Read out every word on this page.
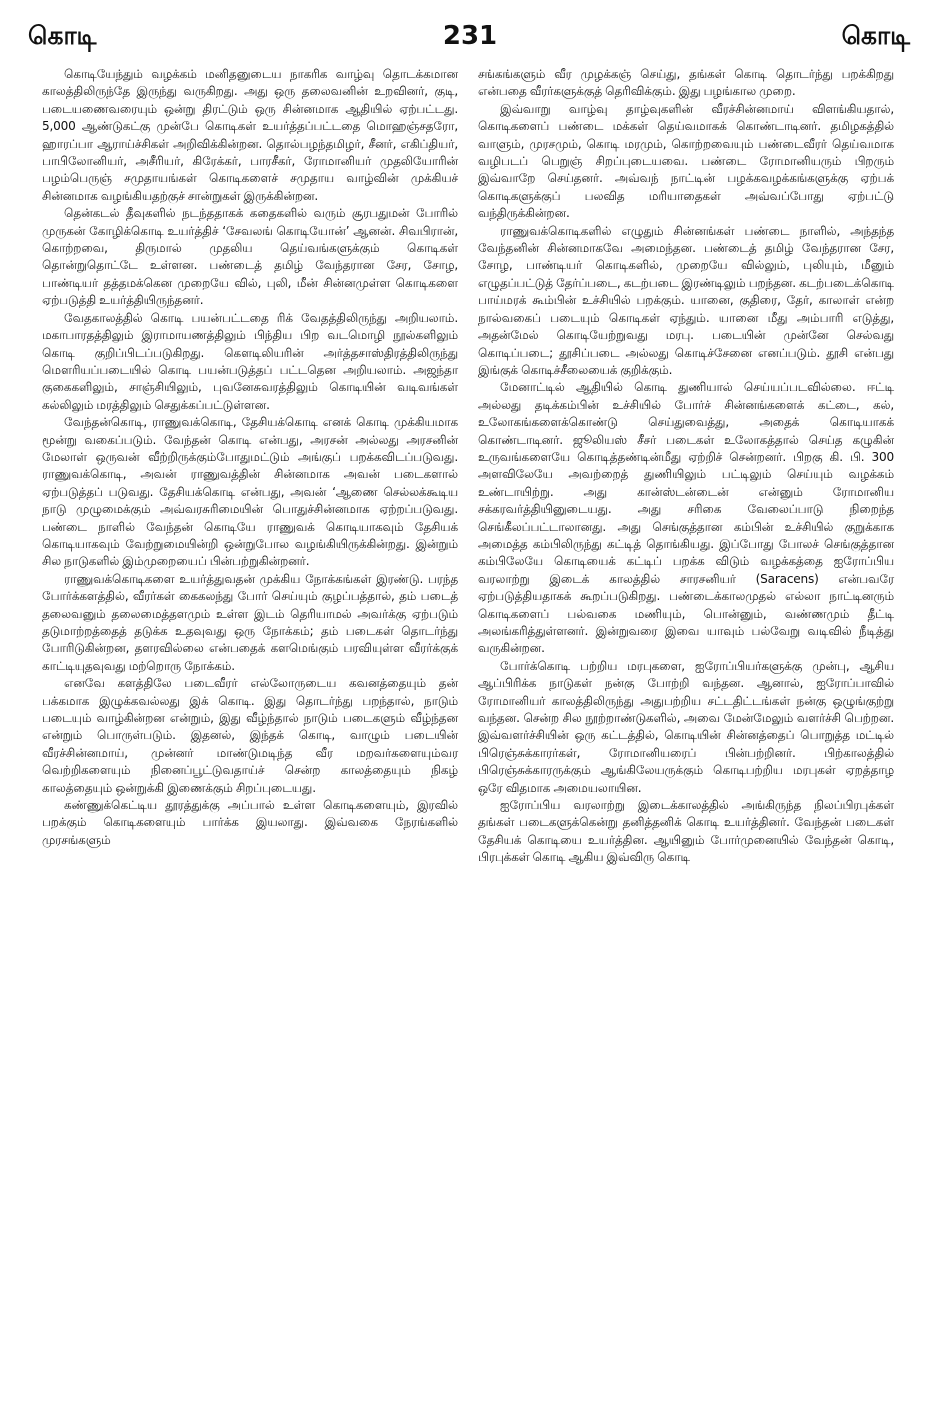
231
கொடி	கொடி

கொடியேந்தும் வழக்கம் மனிதனுடைய நாகரிக வாழ்வு தொடக்கமான காலத்திலிருந்தே இருந்து வருகிறது. அது ஒரு தலைவனின் உறவினர், குடி, படையணைவரையும் ஒன்று திரட்டும் ஒரு சின்னமாக ஆதியில் ஏற்பட்டது. 5,000 ஆண்டுகட்கு முன்பே கொடிகள் உயர்த்தப்பட்டதை மொஹஞ்சதரோ, ஹாரப்பா ஆராய்ச்சிகள் அறிவிக்கின்றன. தொல்பழந்தமிழர், சீனர், எகிப்தியர், பாபிலோனியர், அசீரியர், கிரேக்கர், பாரசீகர், ரோமானியர் முதலியோரின் பழம்பெருஞ் சமுதாயங்கள் கொடிகளைச் சமுதாய வாழ்வின் முக்கியச் சின்னமாக வழங்கியதற்குச் சான்றுகள் இருக்கின்றன.

தென்கடல் தீவுகளில் நடந்ததாகக் கதைகளில் வரும் சூரபதுமன் போரில் முருகன் கோழிக்கொடி உயர்த்திச் ‘சேவலங் கொடியோன்’ ஆனன். சிவபிரான், கொற்றவை, திருமால் முதலிய தெய்வங்களுக்கும் கொடிகள் தொன்றுதொட்டே உள்ளன. பண்டைத் தமிழ் வேந்தரான சேர, சோழ, பாண்டியர் தத்தமக்கென முறையே வில், புலி, மீன் சின்னமுள்ள கொடிகளை ஏற்படுத்தி உயர்த்தியிருந்தனர்.

வேதகாலத்தில் கொடி பயன்பட்டதை ரிக் வேதத்திலிருந்து அறியலாம். மகாபாரதத்திலும் இராமாயணத்திலும் பிந்திய பிற வடமொழி நூல்களிலும் கொடி குறிப்பிடப்படுகிறது. கௌடிலியரின் அர்த்தசாஸ்திரத்திலிருந்து மௌரியப்படையில் கொடி பயன்படுத்தப் பட்டதென அறியலாம். அஜந்தா குகைகளிலும், சாஞ்சியிலும், புவனேசுவரத்திலும் கொடியின் வடிவங்கள் கல்லிலும் மரத்திலும் செதுக்கப்பட்டுள்ளன.

வேந்தன்கொடி, ராணுவக்கொடி, தேசியக்கொடி எனக் கொடி முக்கியமாக மூன்று வகைப்படும். வேந்தன் கொடி என்பது, அரசன் அல்லது அரசனின் மேலாள் ஒருவன் வீற்றிருக்கும்போதுமட்டும் அங்குப் பறக்கவிடப்படுவது. ராணுவக்கொடி, அவன் ராணுவத்தின் சின்னமாக அவன் படைகளால் ஏற்படுத்தப் படுவது. தேசியக்கொடி என்பது, அவன் ‘ஆணை செல்லக்கூடிய நாடு முழுமைக்கும் அவ்வரசுரிமையின் பொதுச்சின்னமாக ஏற்றப்படுவது. பண்டை நாளில் வேந்தன் கொடியே ராணுவக் கொடியாகவும் தேசியக் கொடியாகவும் வேற்றுமையின்றி ஒன்றுபோல வழங்கியிருக்கின்றது. இன்றும் சில நாடுகளில் இம்முறையைப் பின்பற்றுகின்றனர்.

ராணுவக்கொடிகளை உயர்த்துவதன் முக்கிய நோக்கங்கள் இரண்டு. பரந்த போர்க்களத்தில், வீரர்கள் கைகலந்து போர் செய்யும் குழப்பத்தால், தம் படைத் தலைவனும் தலைமைத்தளமும் உள்ள இடம் தெரியாமல் அவர்க்கு ஏற்படும் தடுமாற்றத்தைத் தடுக்க உதவுவது ஒரு நோக்கம்; தம் படைகள் தொடர்ந்து போரிடுகின்றன, தளரவில்லை என்பதைக் களமெங்கும் பரவியுள்ள வீரர்க்குக் காட்டியுதவுவது மற்றொரு நோக்கம்.

எனவே களத்திலே படைவீரர் எல்லோருடைய கவனத்தையும் தன் பக்கமாக இழுக்கவல்லது இக் கொடி. இது தொடர்ந்து பறந்தால், நாடும் படையும் வாழ்கின்றன என்றும், இது வீழ்ந்தால் நாடும் படைகளும் வீழ்ந்தன என்றும் பொருள்படும். இதனல், இந்தக் கொடி, வாழும் படையின் வீரச்சின்னமாய், முன்னர் மாண்டுமடிந்த வீர மறவர்களையும்வர வெற்றிகளையும் நினைப்பூட்டுவதாய்ச் சென்ற காலத்தையும் நிகழ் காலத்தையும் ஒன்றுக்கி இணைக்கும் சிறப்புடையது.

கண்ணுக்கெட்டிய தூரத்துக்கு அப்பால் உள்ள கொடிகளையும், இரவில் பறக்கும் கொடிகளையும் பார்க்க இயலாது. இவ்வகை நேரங்களில் முரசங்களும்

சங்கங்களும் வீர முழக்கஞ் செய்து, தங்கள் கொடி தொடர்ந்து பறக்கிறது என்பதை வீரர்களுக்குத் தெரிவிக்கும். இது பழங்கால முறை.

இவ்வாறு வாழ்வு தாழ்வுகளின் வீரச்சின்னமாய் விளங்கியதால், கொடிகளைப் பண்டை மக்கள் தெய்வமாகக் கொண்டாடினர். தமிழகத்தில் வாளும், முரசமும், கொடி மரமும், கொற்றவையும் பண்டைவீரர் தெய்வமாக வழிபடப் பெறுஞ் சிறப்புடையவை. பண்டை ரோமானியரும் பிறரும் இவ்வாறே செய்தனர். அவ்வந் நாட்டின் பழக்கவழக்கங்களுக்கு ஏற்பக் கொடிகளுக்குப் பலவித மரியாதைகள் அவ்வப்போது ஏற்பட்டு வந்திருக்கின்றன.

ராணுவக்கொடிகளில் எழுதும் சின்னங்கள் பண்டை நாளில், அந்தந்த வேந்தனின் சின்னமாகவே அமைந்தன. பண்டைத் தமிழ் வேந்தரான சேர, சோழ, பாண்டியர் கொடிகளில், முறையே வில்லும், புலியும், மீனும் எழுதப்பட்டுத் தேர்ப்படை, கடற்படை இரண்டிலும் பறந்தன. கடற்படைக்கொடி பாய்மரக் கூம்பின் உச்சியில் பறக்கும். யானை, குதிரை, தேர், காலாள் என்ற நால்வகைப் படையும் கொடிகள் ஏந்தும். யானை மீது அம்பாரி எடுத்து, அதன்மேல் கொடியேற்றுவது மரபு. படையின் முன்னே செல்வது கொடிப்படை; தூசிப்படை அல்லது கொடிச்சேனை எனப்படும். தூசி என்பது இங்குக் கொடிச்சீலையைக் குறிக்கும்.

மேனாட்டில் ஆதியில் கொடி துணியால் செய்யப்படவில்லை. ஈட்டி அல்லது தடிக்கம்பின் உச்சியில் போர்ச் சின்னங்களைக் கட்டை, கல், உலோகங்களைக்கொண்டு செய்துவைத்து, அதைக் கொடியாகக் கொண்டாடினர். ஜூலியஸ் சீசர் படைகள் உலோகத்தால் செய்த கழுகின் உருவங்களையே கொடித்தண்டின்மீது ஏற்றிச் சென்றனர். பிறகு கி. பி. 300 அளவிலேயே அவற்றைத் துணியிலும் பட்டிலும் செய்யும் வழக்கம் உண்டாயிற்று. அது கான்ஸ்டன்டைன் என்னும் ரோமானிய சக்கரவர்த்தியினுடையது. அது சரிகை வேலைப்பாடு நிறைந்த செங்கீலப்பட்டாலானது. அது செங்குத்தான கம்பின் உச்சியில் குறுக்காக அமைத்த கம்பிலிருந்து கட்டித் தொங்கியது. இப்போது போலச் செங்குத்தான கம்பிலேயே கொடியைக் கட்டிப் பறக்க விடும் வழக்கத்தை ஐரோப்பிய வரலாற்று இடைக் காலத்தில் சாரசனியர் (Saracens) என்பவரே ஏற்படுத்தியதாகக் கூறப்படுகிறது. பண்டைக்காலமுதல் எல்லா நாட்டினரும் கொடிகளைப் பல்வகை மணியும், பொன்னும், வண்ணமும் தீட்டி அலங்கரித்துள்ளனர். இன்றுவரை இவை யாவும் பல்வேறு வடிவில் நீடித்து வருகின்றன.

போர்க்கொடி பற்றிய மரபுகளை, ஐரோப்பியர்களுக்கு முன்பு, ஆசிய ஆப்பிரிக்க நாடுகள் நன்கு போற்றி வந்தன. ஆனால், ஐரோப்பாவில் ரோமானியர் காலத்திலிருந்து அதுபற்றிய சட்டதிட்டங்கள் நன்கு ஒழுங்குற்று வந்தன. சென்ற சில நூற்றாண்டுகளில், அவை மேன்மேலும் வளர்ச்சி பெற்றன. இவ்வளர்ச்சியின் ஒரு கட்டத்தில், கொடியின் சின்னத்தைப் பொறுத்த மட்டில் பிரெஞ்சுக்காரர்கள், ரோமானியரைப் பின்பற்றினர். பிற்காலத்தில் பிரெஞ்சுக்காரருக்கும் ஆங்கிலேயருக்கும் கொடிபற்றிய மரபுகள் ஏறத்தாழ ஒரே விதமாக அமையலாயின.

ஐரோப்பிய வரலாற்று இடைக்காலத்தில் அங்கிருந்த நிலப்பிரபுக்கள் தங்கள் படைகளுக்கென்று தனித்தனிக் கொடி உயர்த்தினர். வேந்தன் படைகள் தேசியக் கொடியை உயர்த்தின. ஆயினும் போர்முனையில் வேந்தன் கொடி, பிரபுக்கள் கொடி ஆகிய இவ்விரு கொடி
